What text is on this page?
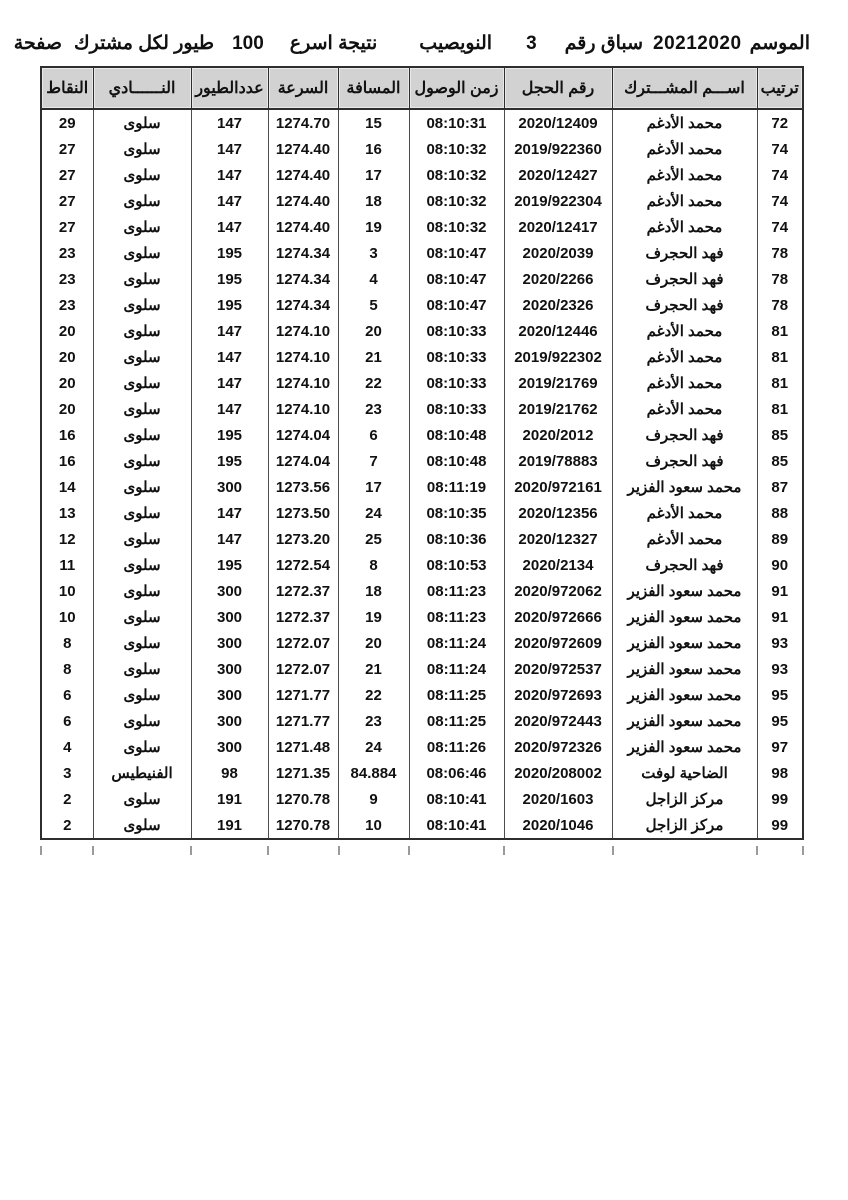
الموسم
20212020
سباق رقم
3
النويصيب
نتيجة اسرع
100
طيور لكل مشترك
صفحة
ترتيب	اســـم المشـــترك	رقم الحجل	زمن الوصول	المسافة	السرعة	عددالطيور	النــــــادي	النقاط
72	محمد الأدغم	2020/12409	08:10:31	15	1274.70	147	سلوى	29
74	محمد الأدغم	2019/922360	08:10:32	16	1274.40	147	سلوى	27
74	محمد الأدغم	2020/12427	08:10:32	17	1274.40	147	سلوى	27
74	محمد الأدغم	2019/922304	08:10:32	18	1274.40	147	سلوى	27
74	محمد الأدغم	2020/12417	08:10:32	19	1274.40	147	سلوى	27
78	فهد الحجرف	2020/2039	08:10:47	3	1274.34	195	سلوى	23
78	فهد الحجرف	2020/2266	08:10:47	4	1274.34	195	سلوى	23
78	فهد الحجرف	2020/2326	08:10:47	5	1274.34	195	سلوى	23
81	محمد الأدغم	2020/12446	08:10:33	20	1274.10	147	سلوى	20
81	محمد الأدغم	2019/922302	08:10:33	21	1274.10	147	سلوى	20
81	محمد الأدغم	2019/21769	08:10:33	22	1274.10	147	سلوى	20
81	محمد الأدغم	2019/21762	08:10:33	23	1274.10	147	سلوى	20
85	فهد الحجرف	2020/2012	08:10:48	6	1274.04	195	سلوى	16
85	فهد الحجرف	2019/78883	08:10:48	7	1274.04	195	سلوى	16
87	محمد سعود الفزير	2020/972161	08:11:19	17	1273.56	300	سلوى	14
88	محمد الأدغم	2020/12356	08:10:35	24	1273.50	147	سلوى	13
89	محمد الأدغم	2020/12327	08:10:36	25	1273.20	147	سلوى	12
90	فهد الحجرف	2020/2134	08:10:53	8	1272.54	195	سلوى	11
91	محمد سعود الفزير	2020/972062	08:11:23	18	1272.37	300	سلوى	10
91	محمد سعود الفزير	2020/972666	08:11:23	19	1272.37	300	سلوى	10
93	محمد سعود الفزير	2020/972609	08:11:24	20	1272.07	300	سلوى	8
93	محمد سعود الفزير	2020/972537	08:11:24	21	1272.07	300	سلوى	8
95	محمد سعود الفزير	2020/972693	08:11:25	22	1271.77	300	سلوى	6
95	محمد سعود الفزير	2020/972443	08:11:25	23	1271.77	300	سلوى	6
97	محمد سعود الفزير	2020/972326	08:11:26	24	1271.48	300	سلوى	4
98	الضاحية لوفت	2020/208002	08:06:46	84.884	1271.35	98	الفنيطيس	3
99	مركز الزاجل	2020/1603	08:10:41	9	1270.78	191	سلوى	2
99	مركز الزاجل	2020/1046	08:10:41	10	1270.78	191	سلوى	2
